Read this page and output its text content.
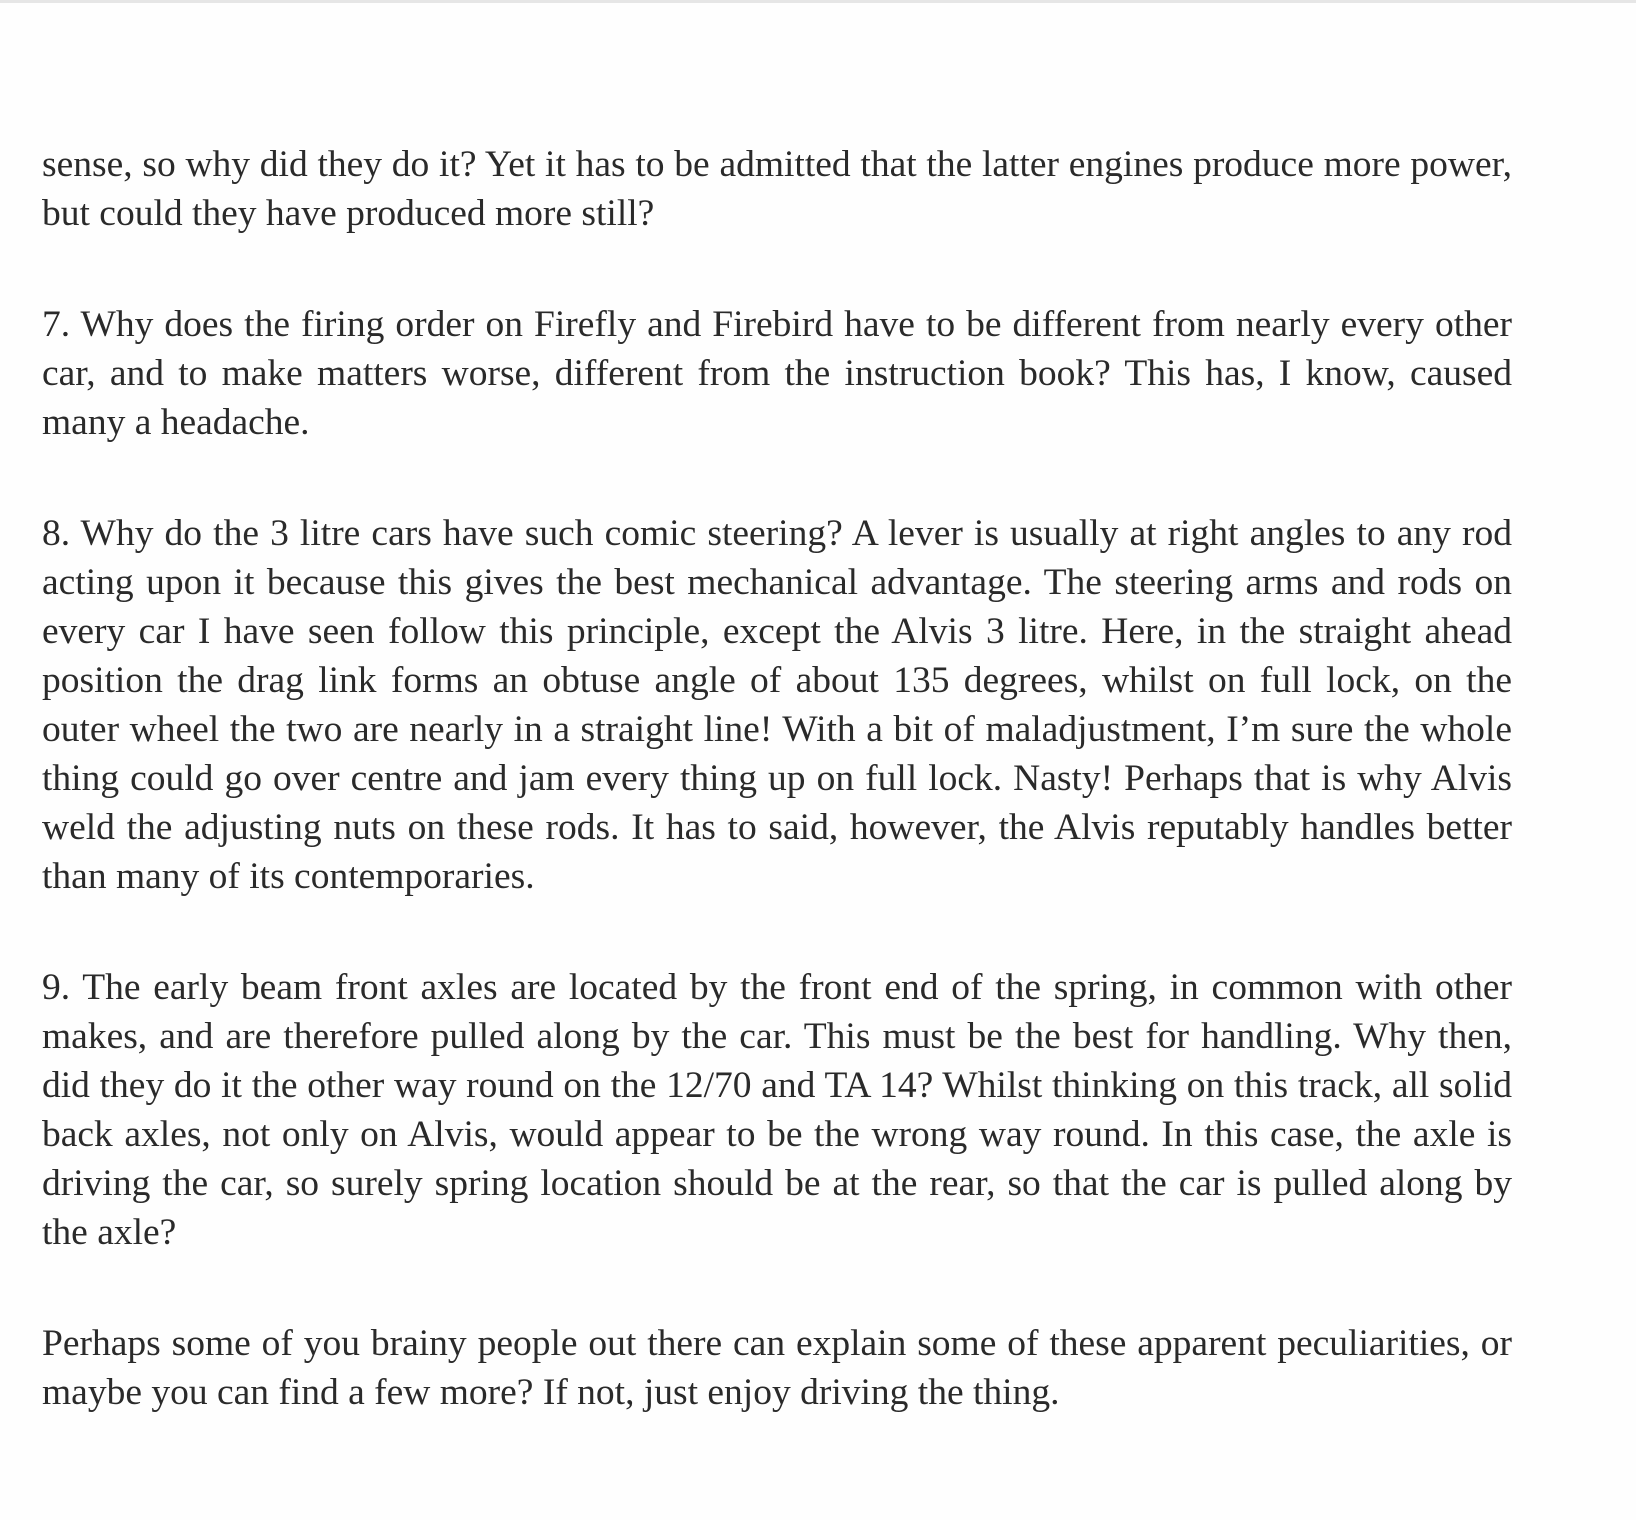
sense, so why did they do it? Yet it has to be admitted that the latter engines produce more power, but could they have produced more still?

7. Why does the firing order on Firefly and Firebird have to be different from nearly every other car, and to make matters worse, different from the instruction book? This has, I know, caused many a headache.

8. Why do the 3 litre cars have such comic steering? A lever is usually at right angles to any rod acting upon it because this gives the best mechanical advantage. The steering arms and rods on every car I have seen follow this principle, except the Alvis 3 litre. Here, in the straight ahead position the drag link forms an obtuse angle of about 135 degrees, whilst on full lock, on the outer wheel the two are nearly in a straight line! With a bit of maladjustment, I’m sure the whole thing could go over centre and jam every thing up on full lock. Nasty! Perhaps that is why Alvis weld the adjusting nuts on these rods. It has to said, however, the Alvis reputably handles better than many of its contemporaries.

9. The early beam front axles are located by the front end of the spring, in common with other makes, and are therefore pulled along by the car. This must be the best for handling. Why then, did they do it the other way round on the 12/70 and TA 14? Whilst thinking on this track, all solid back axles, not only on Alvis, would appear to be the wrong way round. In this case, the axle is driving the car, so surely spring location should be at the rear, so that the car is pulled along by the axle?

Perhaps some of you brainy people out there can explain some of these apparent peculiarities, or maybe you can find a few more? If not, just enjoy driving the thing.
